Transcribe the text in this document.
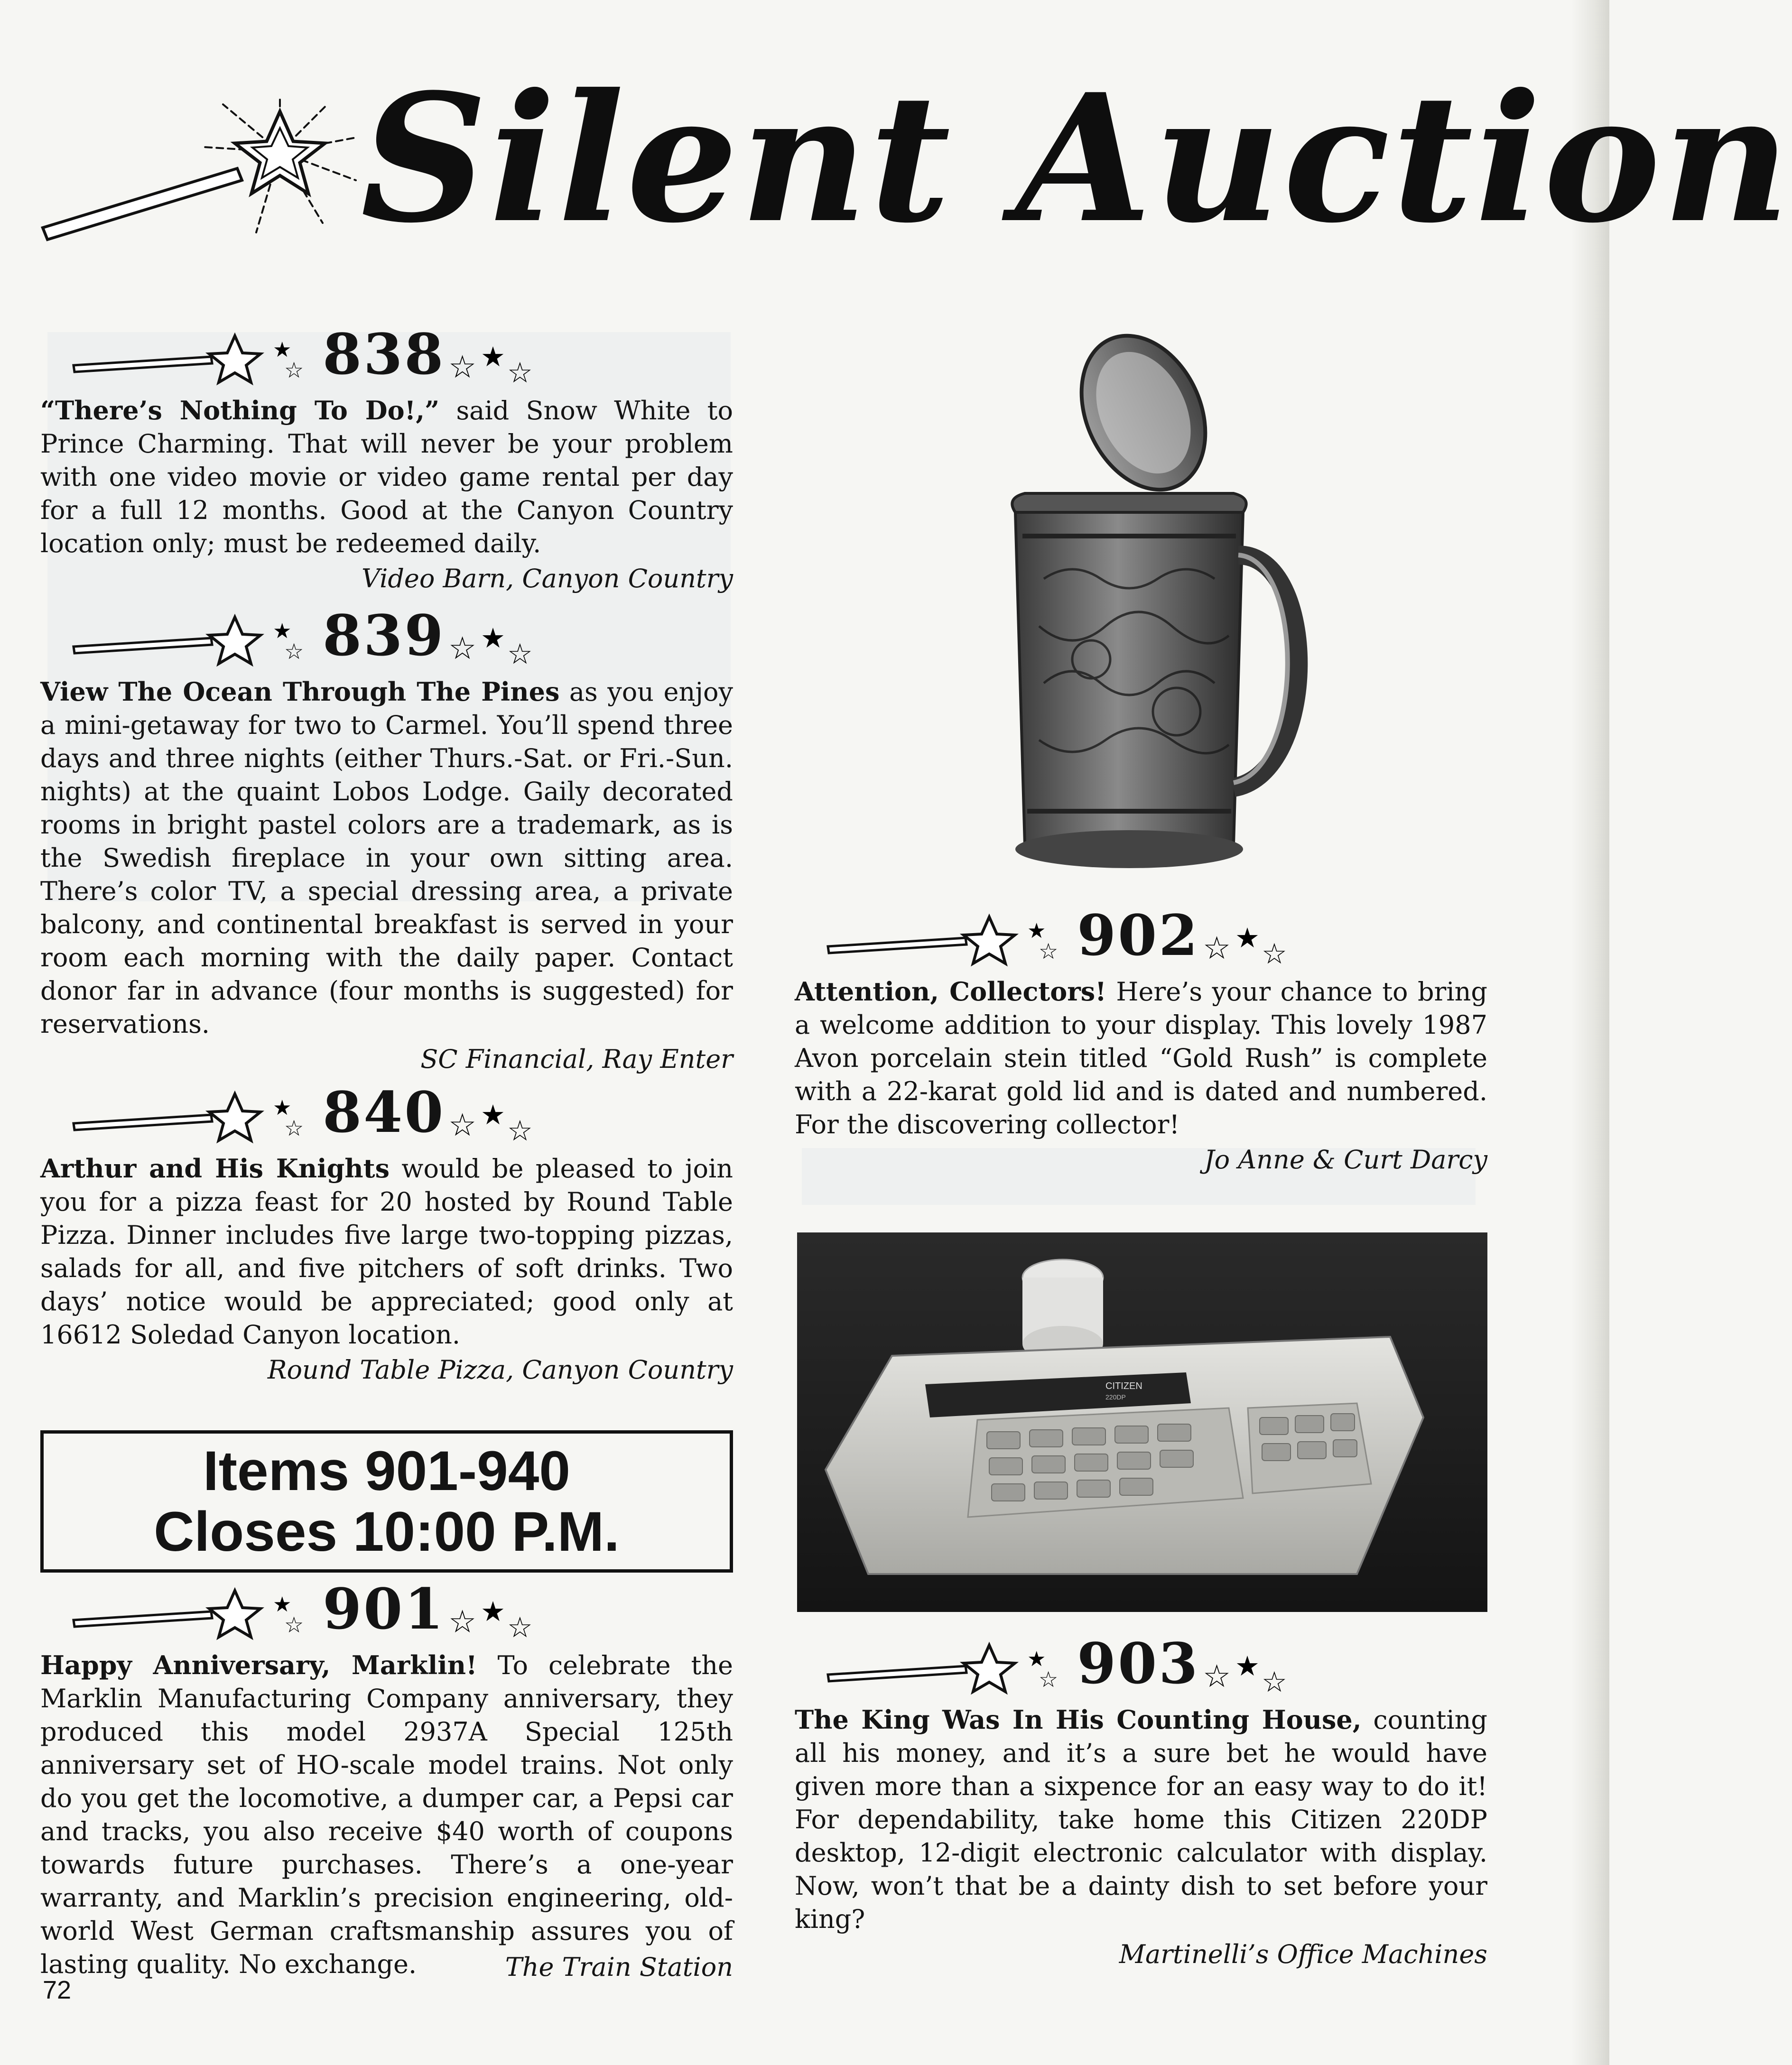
Silent Auction
★
☆ 838 ☆ ★ ☆

“There’s Nothing To Do!,” said Snow White to Prince Charming. That will never be your problem with one video movie or video game rental per day for a full 12 months. Good at the Canyon Country location only; must be redeemed daily.

Video Barn, Canyon Country

★
☆ 839 ☆ ★ ☆

View The Ocean Through The Pines as you enjoy a mini-getaway for two to Carmel. You’ll spend three days and three nights (either Thurs.-Sat. or Fri.-Sun. nights) at the quaint Lobos Lodge. Gaily decorated rooms in bright pastel colors are a trademark, as is the Swedish fireplace in your own sitting area. There’s color TV, a special dressing area, a private balcony, and continental breakfast is served in your room each morning with the daily paper. Contact donor far in advance (four months is suggested) for reservations.

SC Financial, Ray Enter

★
☆ 840 ☆ ★ ☆

Arthur and His Knights would be pleased to join you for a pizza feast for 20 hosted by Round Table Pizza. Dinner includes five large two-topping pizzas, salads for all, and five pitchers of soft drinks. Two days’ notice would be appreciated; good only at 16612 Soledad Canyon location.

Round Table Pizza, Canyon Country

Items 901-940
Closes 10:00 P.M.
★
☆ 901 ☆ ★ ☆

Happy Anniversary, Marklin! To celebrate the Marklin Manufacturing Company anniversary, they produced this model 2937A Special 125th anniversary set of HO-scale model trains. Not only do you get the locomotive, a dumper car, a Pepsi car and tracks, you also receive $40 worth of coupons towards future purchases. There’s a one-year warranty, and Marklin’s precision engineering, old-world West German craftsmanship assures you of lasting quality. No exchange.	The Train Station

★
☆ 902 ☆ ★ ☆

Attention, Collectors! Here’s your chance to bring a welcome addition to your display. This lovely 1987 Avon porcelain stein titled “Gold Rush” is complete with a 22-karat gold lid and is dated and numbered. For the discovering collector!

Jo Anne & Curt Darcy

CITIZEN
220DP
★
☆ 903 ☆ ★ ☆

The King Was In His Counting House, counting all his money, and it’s a sure bet he would have given more than a sixpence for an easy way to do it! For dependability, take home this Citizen 220DP desktop, 12-digit electronic calculator with display. Now, won’t that be a dainty dish to set before your king?

Martinelli’s Office Machines

72
